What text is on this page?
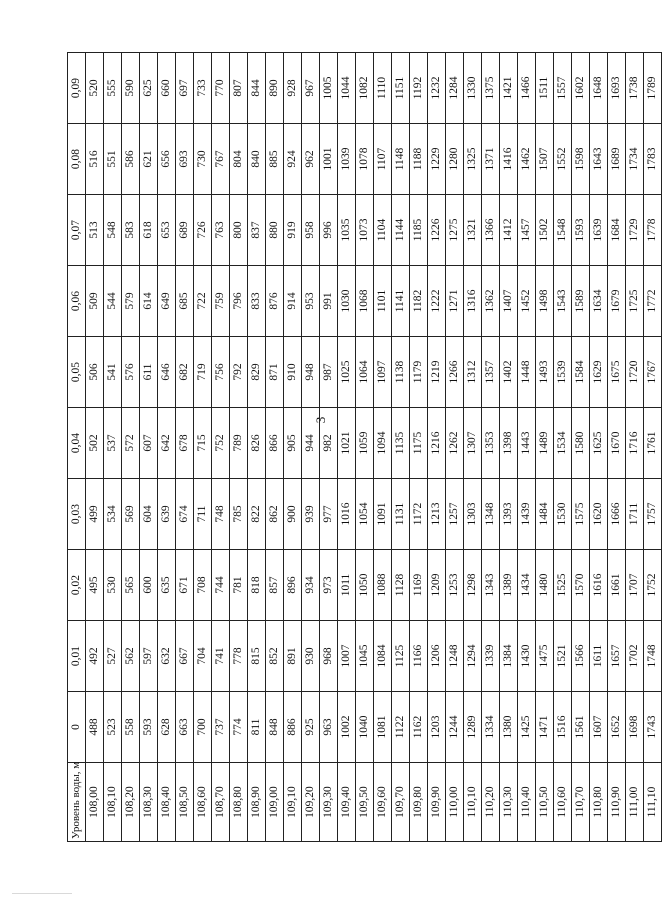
3
Уровень воды, м	0	0,01	0,02	0,03	0,04	0,05	0,06	0,07	0,08	0,09
108,00	488	492	495	499	502	506	509	513	516	520
108,10	523	527	530	534	537	541	544	548	551	555
108,20	558	562	565	569	572	576	579	583	586	590
108,30	593	597	600	604	607	611	614	618	621	625
108,40	628	632	635	639	642	646	649	653	656	660
108,50	663	667	671	674	678	682	685	689	693	697
108,60	700	704	708	711	715	719	722	726	730	733
108,70	737	741	744	748	752	756	759	763	767	770
108,80	774	778	781	785	789	792	796	800	804	807
108,90	811	815	818	822	826	829	833	837	840	844
109,00	848	852	857	862	866	871	876	880	885	890
109,10	886	891	896	900	905	910	914	919	924	928
109,20	925	930	934	939	944	948	953	958	962	967
109,30	963	968	973	977	982	987	991	996	1001	1005
109,40	1002	1007	1011	1016	1021	1025	1030	1035	1039	1044
109,50	1040	1045	1050	1054	1059	1064	1068	1073	1078	1082
109,60	1081	1084	1088	1091	1094	1097	1101	1104	1107	1110
109,70	1122	1125	1128	1131	1135	1138	1141	1144	1148	1151
109,80	1162	1166	1169	1172	1175	1179	1182	1185	1188	1192
109,90	1203	1206	1209	1213	1216	1219	1222	1226	1229	1232
110,00	1244	1248	1253	1257	1262	1266	1271	1275	1280	1284
110,10	1289	1294	1298	1303	1307	1312	1316	1321	1325	1330
110,20	1334	1339	1343	1348	1353	1357	1362	1366	1371	1375
110,30	1380	1384	1389	1393	1398	1402	1407	1412	1416	1421
110,40	1425	1430	1434	1439	1443	1448	1452	1457	1462	1466
110,50	1471	1475	1480	1484	1489	1493	1498	1502	1507	1511
110,60	1516	1521	1525	1530	1534	1539	1543	1548	1552	1557
110,70	1561	1566	1570	1575	1580	1584	1589	1593	1598	1602
110,80	1607	1611	1616	1620	1625	1629	1634	1639	1643	1648
110,90	1652	1657	1661	1666	1670	1675	1679	1684	1689	1693
111,00	1698	1702	1707	1711	1716	1720	1725	1729	1734	1738
111,10	1743	1748	1752	1757	1761	1767	1772	1778	1783	1789
